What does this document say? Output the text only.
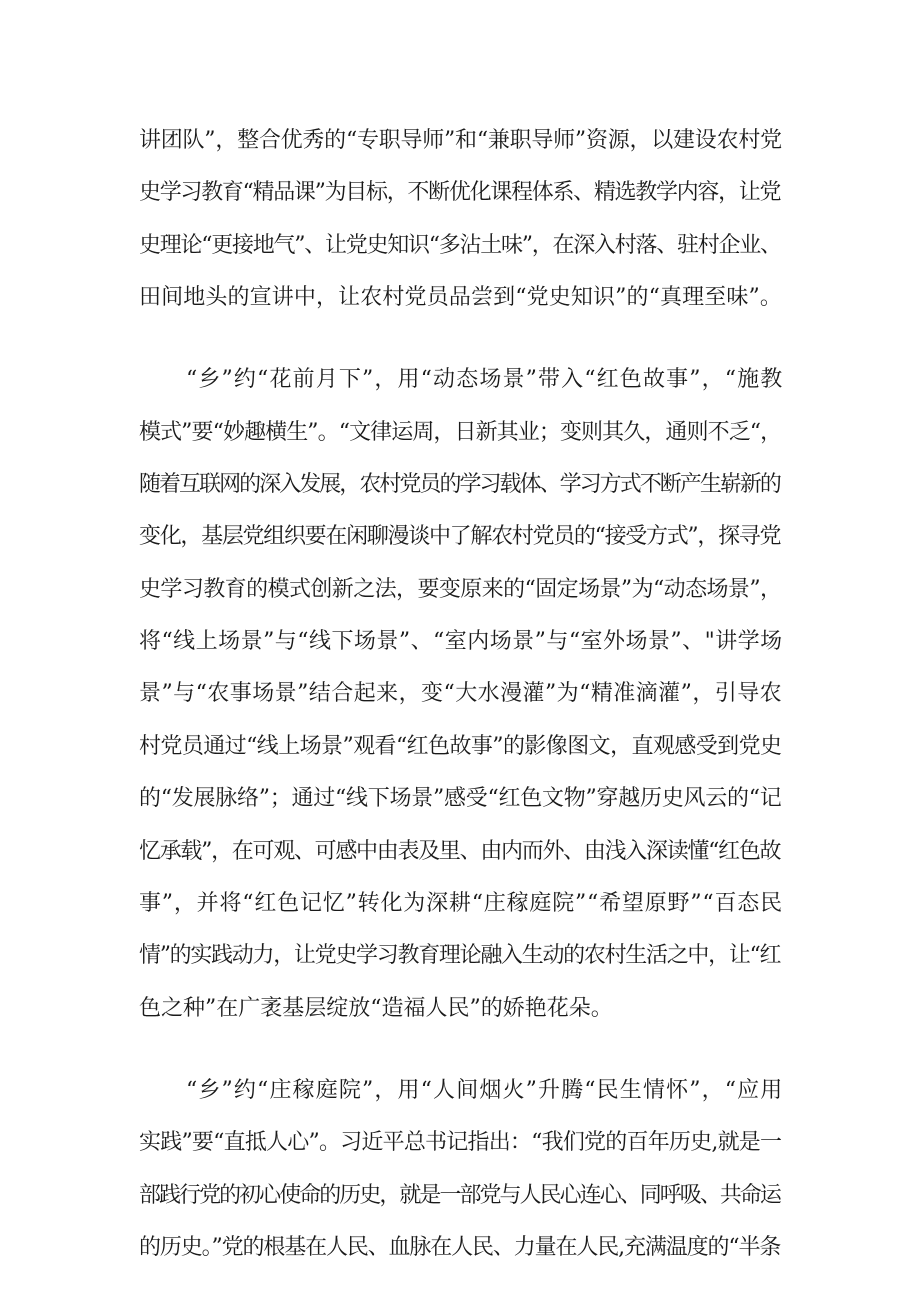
讲团队”，整合优秀的“专职导师”和“兼职导师”资源，以建设农村党
史学习教育“精品课”为目标，不断优化课程体系、精选教学内容，让党
史理论“更接地气”、让党史知识“多沾土味”，在深入村落、驻村企业、
田间地头的宣讲中，让农村党员品尝到“党史知识”的“真理至味”。
“乡”约“花前月下”，用“动态场景”带入“红色故事”，“施教
模式”要“妙趣横生”。“文律运周，日新其业；变则其久，通则不乏“，
随着互联网的深入发展，农村党员的学习载体、学习方式不断产生崭新的
变化，基层党组织要在闲聊漫谈中了解农村党员的“接受方式”，探寻党
史学习教育的模式创新之法，要变原来的“固定场景”为“动态场景”，
将“线上场景”与“线下场景”、“室内场景”与“室外场景”、"讲学场
景”与“农事场景”结合起来，变“大水漫灌”为“精准滴灌”，引导农
村党员通过“线上场景”观看“红色故事”的影像图文，直观感受到党史
的“发展脉络”；通过“线下场景”感受“红色文物”穿越历史风云的“记
忆承载”，在可观、可感中由表及里、由内而外、由浅入深读懂“红色故
事”，并将“红色记忆”转化为深耕“庄稼庭院”“希望原野”“百态民
情”的实践动力，让党史学习教育理论融入生动的农村生活之中，让“红
色之种”在广袤基层绽放“造福人民”的娇艳花朵。
“乡”约“庄稼庭院”，用“人间烟火”升腾“民生情怀”，“应用
实践”要“直抵人心”。习近平总书记指出：“我们党的百年历史,就是一
部践行党的初心使命的历史，就是一部党与人民心连心、同呼吸、共命运
的历史。”党的根基在人民、血脉在人民、力量在人民,充满温度的“半条
